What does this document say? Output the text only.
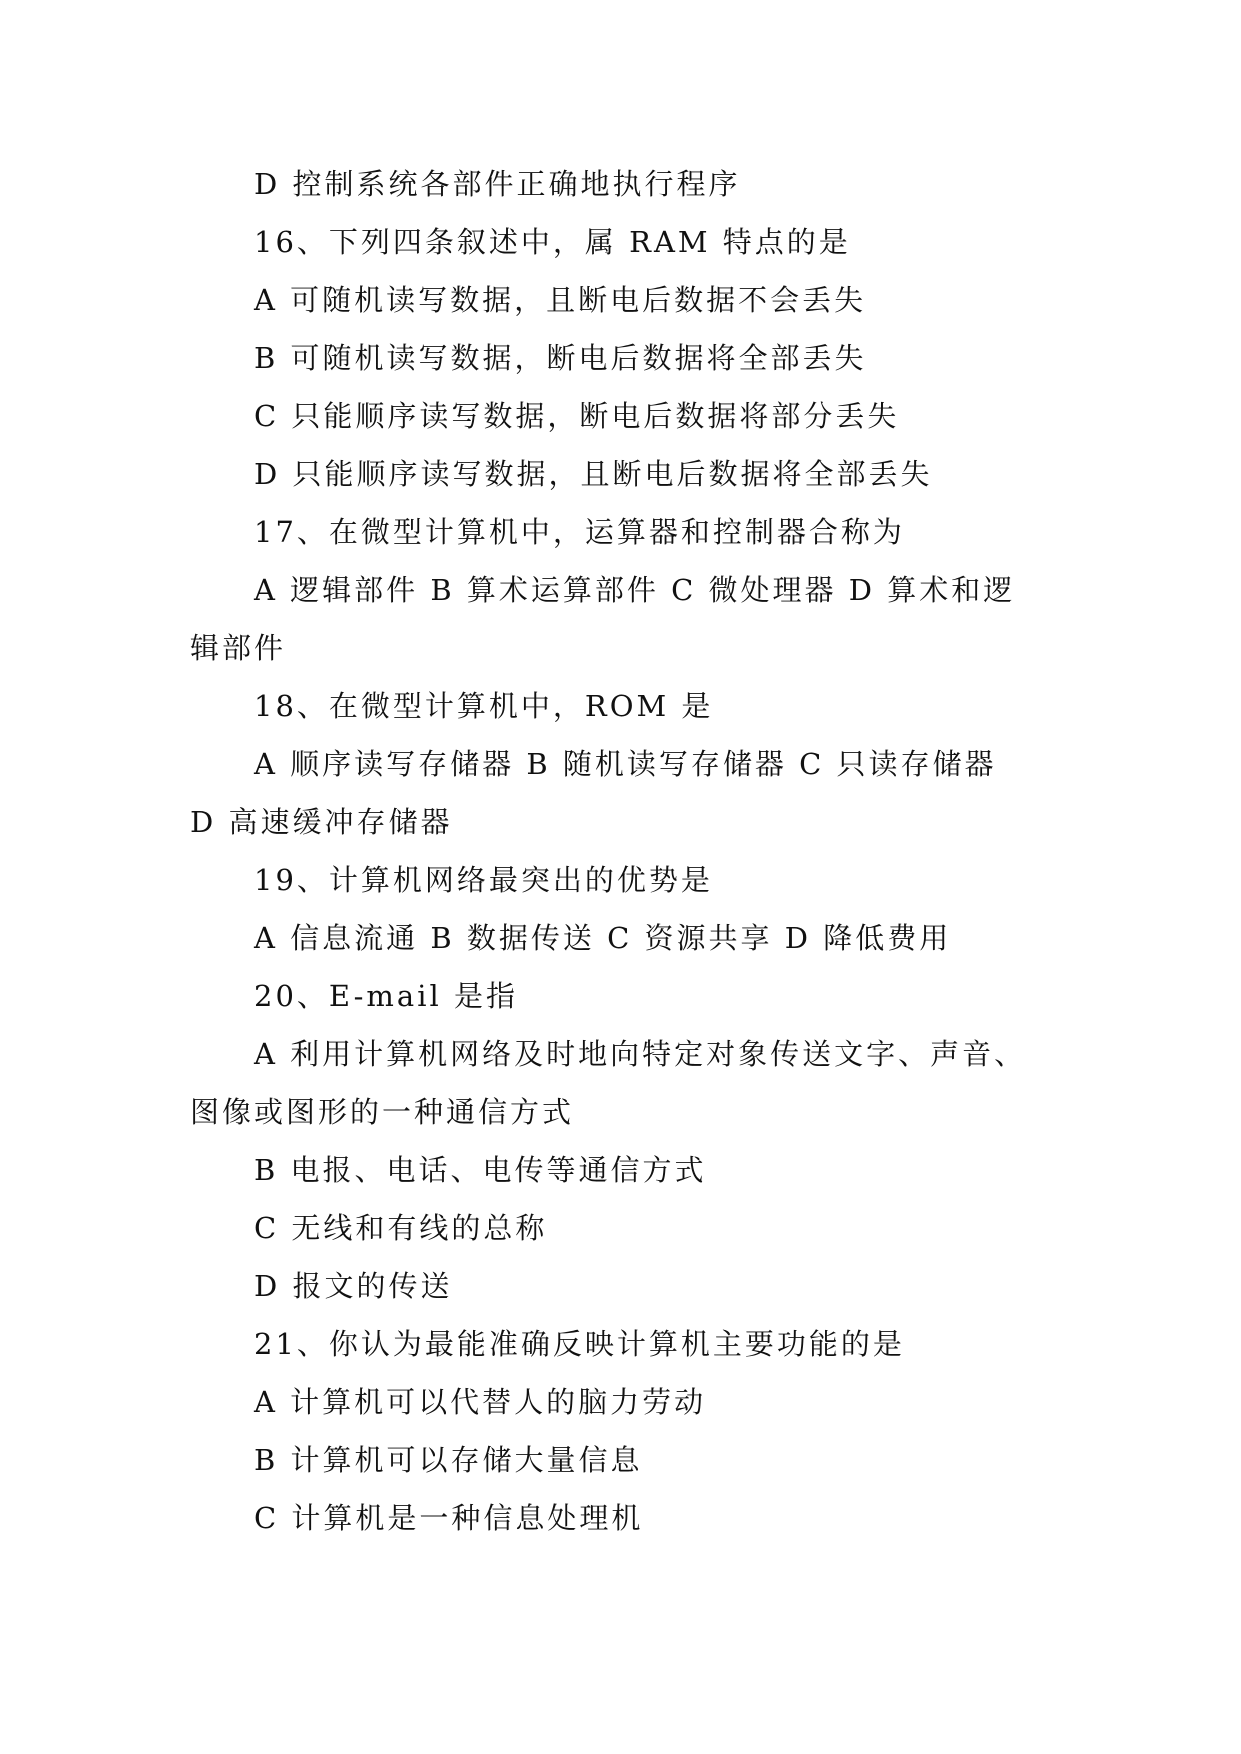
D 控制系统各部件正确地执行程序
16、下列四条叙述中，属 RAM 特点的是
A 可随机读写数据，且断电后数据不会丢失
B 可随机读写数据，断电后数据将全部丢失
C 只能顺序读写数据，断电后数据将部分丢失
D 只能顺序读写数据，且断电后数据将全部丢失
17、在微型计算机中，运算器和控制器合称为
A 逻辑部件 B 算术运算部件 C 微处理器 D 算术和逻
辑部件
18、在微型计算机中，ROM 是
A 顺序读写存储器 B 随机读写存储器 C 只读存储器
D 高速缓冲存储器
19、计算机网络最突出的优势是
A 信息流通 B 数据传送 C 资源共享 D 降低费用
20、E-mail 是指
A 利用计算机网络及时地向特定对象传送文字、声音、
图像或图形的一种通信方式
B 电报、电话、电传等通信方式
C 无线和有线的总称
D 报文的传送
21、你认为最能准确反映计算机主要功能的是
A 计算机可以代替人的脑力劳动
B 计算机可以存储大量信息
C 计算机是一种信息处理机
